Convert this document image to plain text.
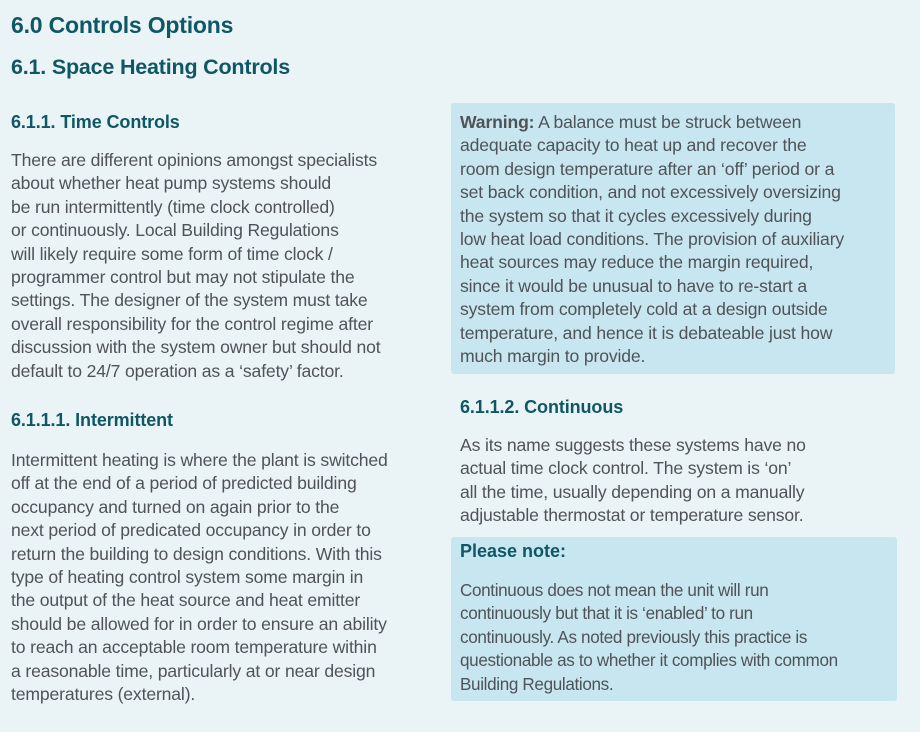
6.0 Controls Options
6.1. Space Heating Controls
6.1.1. Time Controls

There are different opinions amongst specialists
about whether heat pump systems should
be run intermittently (time clock controlled)
or continuously. Local Building Regulations
will likely require some form of time clock /
programmer control but may not stipulate the
settings. The designer of the system must take
overall responsibility for the control regime after
discussion with the system owner but should not
default to 24/7 operation as a ‘safety’ factor.

6.1.1.1. Intermittent

Intermittent heating is where the plant is switched
off at the end of a period of predicted building
occupancy and turned on again prior to the
next period of predicated occupancy in order to
return the building to design conditions. With this
type of heating control system some margin in
the output of the heat source and heat emitter
should be allowed for in order to ensure an ability
to reach an acceptable room temperature within
a reasonable time, particularly at or near design
temperatures (external).

Warning: A balance must be struck between
adequate capacity to heat up and recover the
room design temperature after an ‘off’ period or a
set back condition, and not excessively oversizing
the system so that it cycles excessively during
low heat load conditions. The provision of auxiliary
heat sources may reduce the margin required,
since it would be unusual to have to re-start a
system from completely cold at a design outside
temperature, and hence it is debateable just how
much margin to provide.

6.1.1.2. Continuous

As its name suggests these systems have no
actual time clock control. The system is ‘on’
all the time, usually depending on a manually
adjustable thermostat or temperature sensor.

Please note:

Continuous does not mean the unit will run
continuously but that it is ‘enabled’ to run
continuously. As noted previously this practice is
questionable as to whether it complies with common
Building Regulations.
